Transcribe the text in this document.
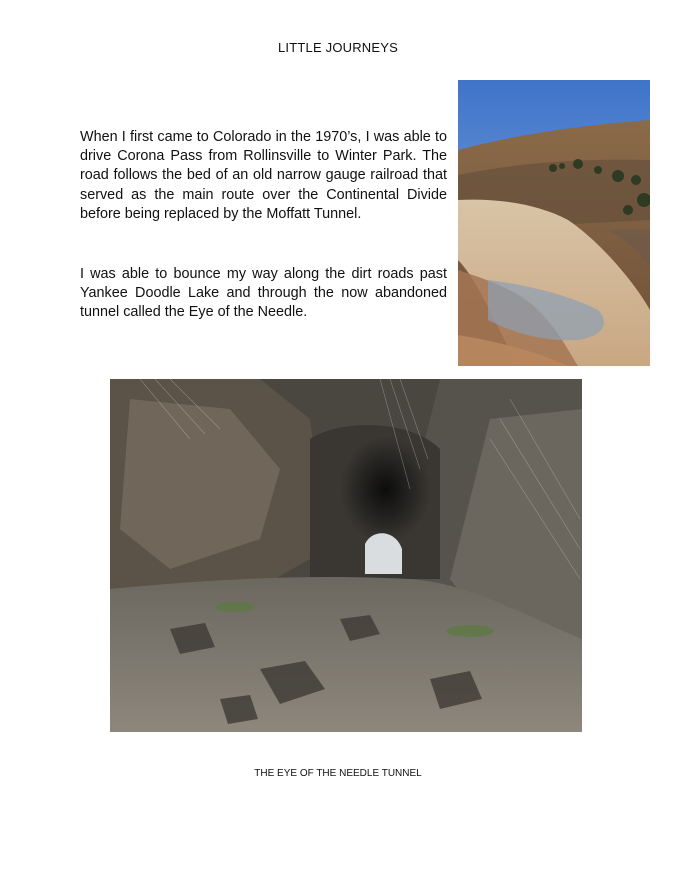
LITTLE JOURNEYS

When I first came to Colorado in the 1970’s, I was able to drive Corona Pass from Rollinsville to Winter Park. The road follows the bed of an old narrow gauge railroad that served as the main route over the Continental Divide before being replaced by the Moffatt Tunnel.

I was able to bounce my way along the dirt roads past Yankee Doodle Lake and through the now abandoned tunnel called the Eye of the Needle.

THE EYE OF THE NEEDLE TUNNEL
